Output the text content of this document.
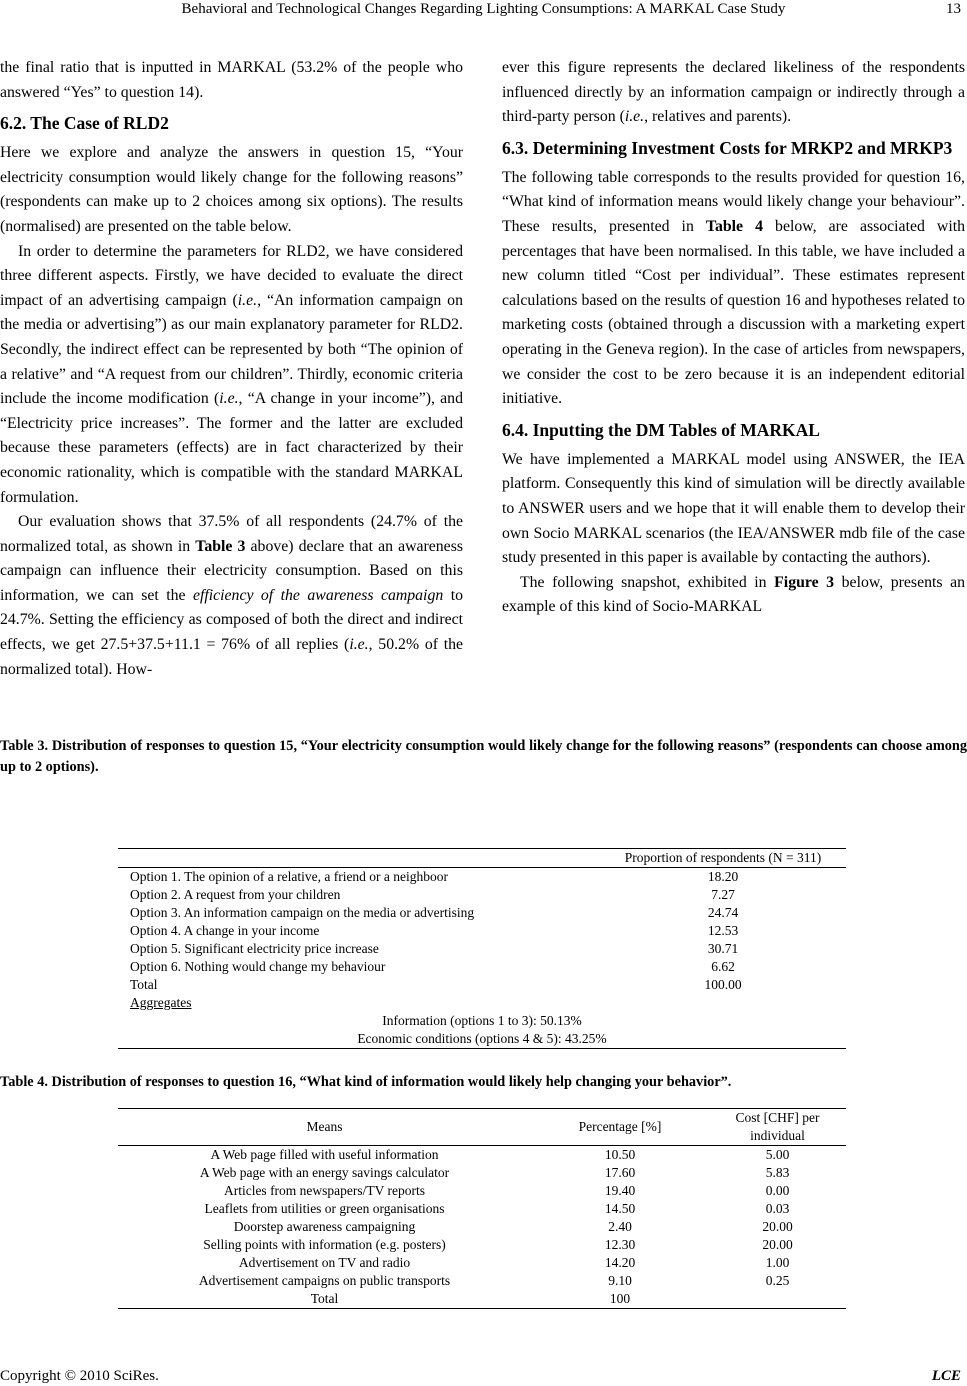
Behavioral and Technological Changes Regarding Lighting Consumptions: A MARKAL Case Study	13

the final ratio that is inputted in MARKAL (53.2% of the people who answered “Yes” to question 14).

6.2. The Case of RLD2

Here we explore and analyze the answers in question 15, “Your electricity consumption would likely change for the following reasons” (respondents can make up to 2 choices among six options). The results (normalised) are presented on the table below.

In order to determine the parameters for RLD2, we have considered three different aspects. Firstly, we have decided to evaluate the direct impact of an advertising campaign (i.e., “An information campaign on the media or advertising”) as our main explanatory parameter for RLD2. Secondly, the indirect effect can be represented by both “The opinion of a relative” and “A request from our children”. Thirdly, economic criteria include the income modification (i.e., “A change in your income”), and “Electricity price increases”. The former and the latter are excluded because these parameters (effects) are in fact characterized by their economic rationality, which is compatible with the standard MARKAL formulation.

Our evaluation shows that 37.5% of all respondents (24.7% of the normalized total, as shown in Table 3 above) declare that an awareness campaign can influence their electricity consumption. Based on this information, we can set the efficiency of the awareness campaign to 24.7%. Setting the efficiency as composed of both the direct and indirect effects, we get 27.5+37.5+11.1 = 76% of all replies (i.e., 50.2% of the normalized total). How-

ever this figure represents the declared likeliness of the respondents influenced directly by an information campaign or indirectly through a third-party person (i.e., relatives and parents).

6.3. Determining Investment Costs for MRKP2 and MRKP3

The following table corresponds to the results provided for question 16, “What kind of information means would likely change your behaviour”. These results, presented in Table 4 below, are associated with percentages that have been normalised. In this table, we have included a new column titled “Cost per individual”. These estimates represent calculations based on the results of question 16 and hypotheses related to marketing costs (obtained through a discussion with a marketing expert operating in the Geneva region). In the case of articles from newspapers, we consider the cost to be zero because it is an independent editorial initiative.

6.4. Inputting the DM Tables of MARKAL

We have implemented a MARKAL model using ANSWER, the IEA platform. Consequently this kind of simulation will be directly available to ANSWER users and we hope that it will enable them to develop their own Socio MARKAL scenarios (the IEA/ANSWER mdb file of the case study presented in this paper is available by contacting the authors).

The following snapshot, exhibited in Figure 3 below, presents an example of this kind of Socio-MARKAL

Table 3. Distribution of responses to question 15, “Your electricity consumption would likely change for the following reasons” (respondents can choose among up to 2 options).
	Proportion of respondents (N = 311)
Option 1. The opinion of a relative, a friend or a neighboor	18.20
Option 2. A request from your children	7.27
Option 3. An information campaign on the media or advertising	24.74
Option 4. A change in your income	12.53
Option 5. Significant electricity price increase	30.71
Option 6. Nothing would change my behaviour	6.62
Total	100.00
Aggregates	
Information (options 1 to 3): 50.13%	
Economic conditions (options 4 & 5): 43.25%	
Table 4. Distribution of responses to question 16, “What kind of information would likely help changing your behavior”.
Means	Percentage [%]	Cost [CHF] per individual
A Web page filled with useful information	10.50	5.00
A Web page with an energy savings calculator	17.60	5.83
Articles from newspapers/TV reports	19.40	0.00
Leaflets from utilities or green organisations	14.50	0.03
Doorstep awareness campaigning	2.40	20.00
Selling points with information (e.g. posters)	12.30	20.00
Advertisement on TV and radio	14.20	1.00
Advertisement campaigns on public transports	9.10	0.25
Total	100	
Copyright © 2010 SciRes.	LCE
